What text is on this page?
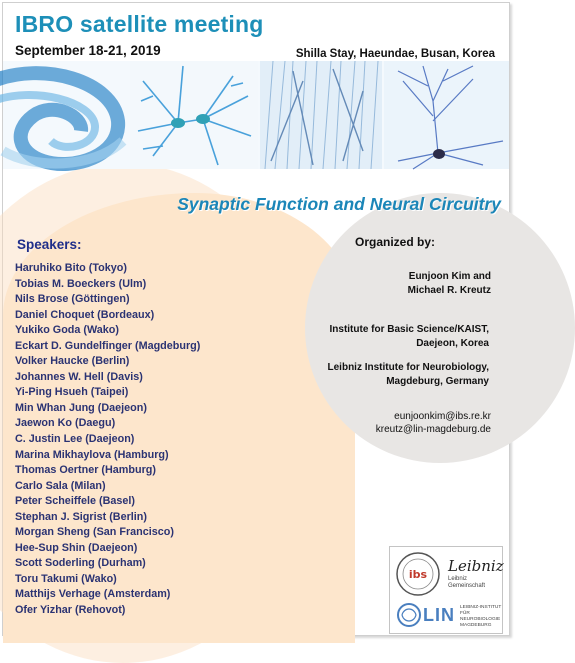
IBRO satellite meeting
September 18-21, 2019	Shilla Stay, Haeundae, Busan, Korea
Synaptic Function and Neural Circuitry
Speakers:
Haruhiko Bito (Tokyo)
Tobias M. Boeckers (Ulm)
Nils Brose (Göttingen)
Daniel Choquet (Bordeaux)
Yukiko Goda (Wako)
Eckart D. Gundelfinger (Magdeburg)
Volker Haucke (Berlin)
Johannes W. Hell (Davis)
Yi-Ping Hsueh (Taipei)
Min Whan Jung (Daejeon)
Jaewon Ko (Daegu)
C. Justin Lee (Daejeon)
Marina Mikhaylova (Hamburg)
Thomas Oertner (Hamburg)
Carlo Sala (Milan)
Peter Scheiffele (Basel)
Stephan J. Sigrist (Berlin)
Morgan Sheng (San Francisco)
Hee-Sup Shin (Daejeon)
Scott Soderling (Durham)
Toru Takumi (Wako)
Matthijs Verhage (Amsterdam)
Ofer Yizhar (Rehovot)
Organized by:
Eunjoon Kim and
Michael R. Kreutz
Institute for Basic Science/KAIST,
Daejeon, Korea
Leibniz Institute for Neurobiology,
Magdeburg, Germany
eunjoonkim@ibs.re.kr
kreutz@lin-magdeburg.de
ibs Leibniz
Leibniz
Gemeinschaft
LIN LEIBNIZ-INSTITUT
FÜR NEUROBIOLOGIE
MAGDEBURG
